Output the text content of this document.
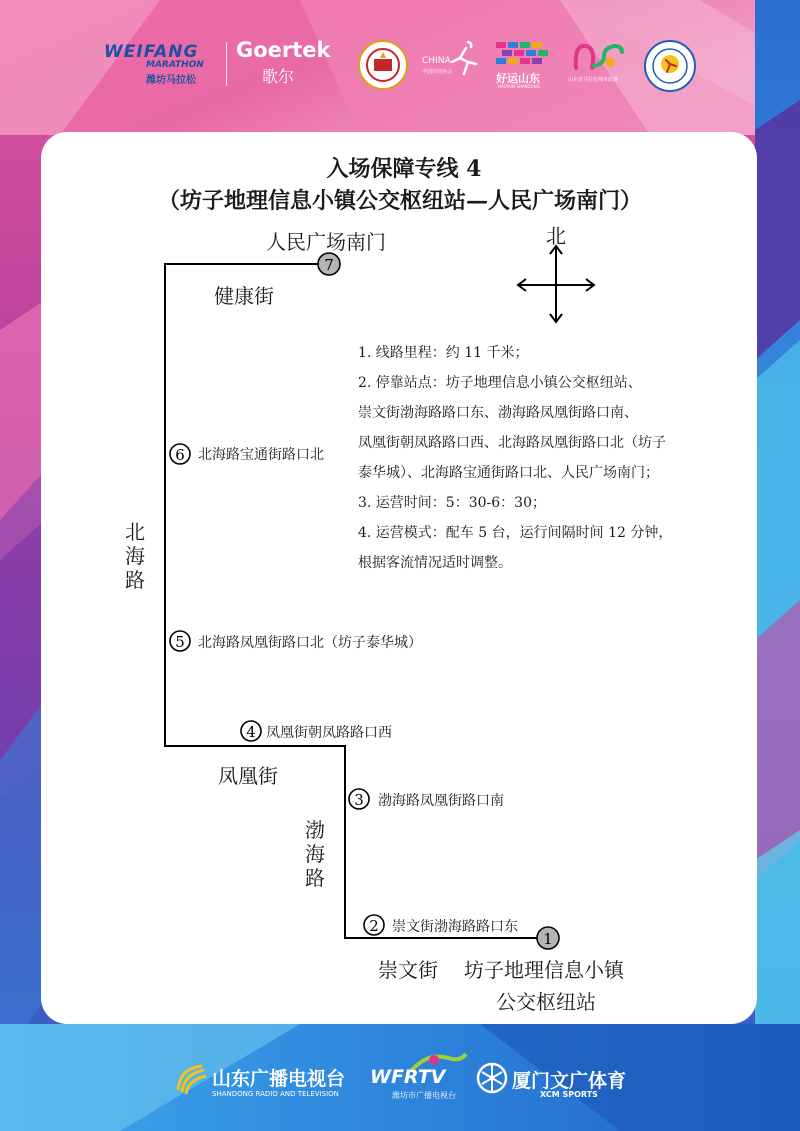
WEIFANG
MARATHON
潍坊马拉松
Goertek
歌尔
CHINA
中国田径协会	好运山东
HAOYUN SHANDONG
山东省马拉松城市联赛
入场保障专线 4
（坊子地理信息小镇公交枢纽站—人民广场南门）
1
2
3
4
5
6
7
北
人民广场南门
北海路宝通街路口北
北海路凤凰街路口北（坊子泰华城）
凤凰街朝凤路路口西
渤海路凤凰街路口南
崇文街渤海路路口东
坊子地理信息小镇
公交枢纽站
健康街
北海路
凤凰街
渤海路
崇文街

1. 线路里程：约 11 千米；

2. 停靠站点：坊子地理信息小镇公交枢纽站、

崇文街渤海路路口东、渤海路凤凰街路口南、

凤凰街朝凤路路口西、北海路凤凰街路口北（坊子

泰华城）、北海路宝通街路口北、人民广场南门；

3. 运营时间：5：30-6：30；

4. 运营模式：配车 5 台，运行间隔时间 12 分钟，

根据客流情况适时调整。

山东广播电视台
SHANDONG RADIO AND TELEVISION
WFRTV
潍坊市广播电视台
厦门文广体育
XCM SPORTS
